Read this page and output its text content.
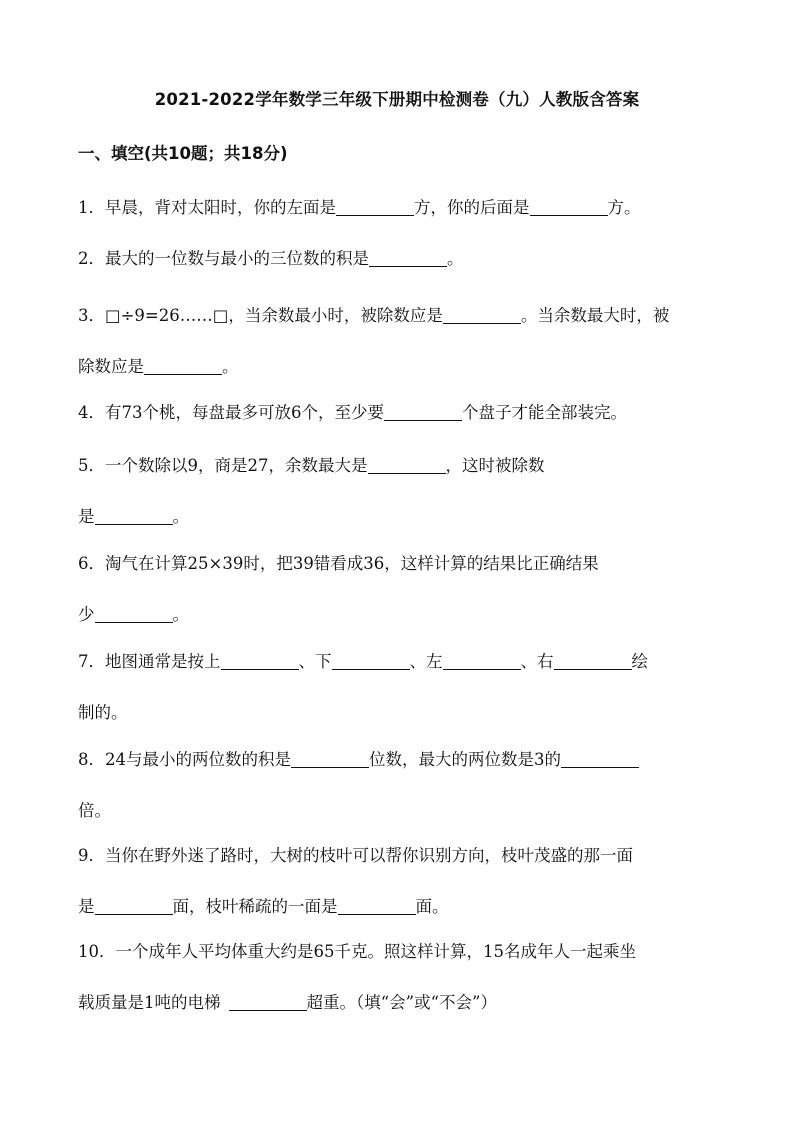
2021-2022学年数学三年级下册期中检测卷（九）人教版含答案
一、填空(共10题；共18分)

1．早晨，背对太阳时，你的左面是	方，你的后面是	方。

2．最大的一位数与最小的三位数的积是	。

3．□÷9=26……□，当余数最小时，被除数应是	。当余数最大时，被

除数应是	。

4．有73个桃，每盘最多可放6个，至少要	个盘子才能全部装完。

5．一个数除以9，商是27，余数最大是	，这时被除数

是	。

6．淘气在计算25×39时，把39错看成36，这样计算的结果比正确结果

少	。

7．地图通常是按上	、下	、左	、右	绘

制的。

8．24与最小的两位数的积是	位数，最大的两位数是3的

倍。

9．当你在野外迷了路时，大树的枝叶可以帮你识别方向，枝叶茂盛的那一面

是	面，枝叶稀疏的一面是	面。

10．一个成年人平均体重大约是65千克。照这样计算，15名成年人一起乘坐

载质量是1吨的电梯	超重。（填“会”或“不会”）
